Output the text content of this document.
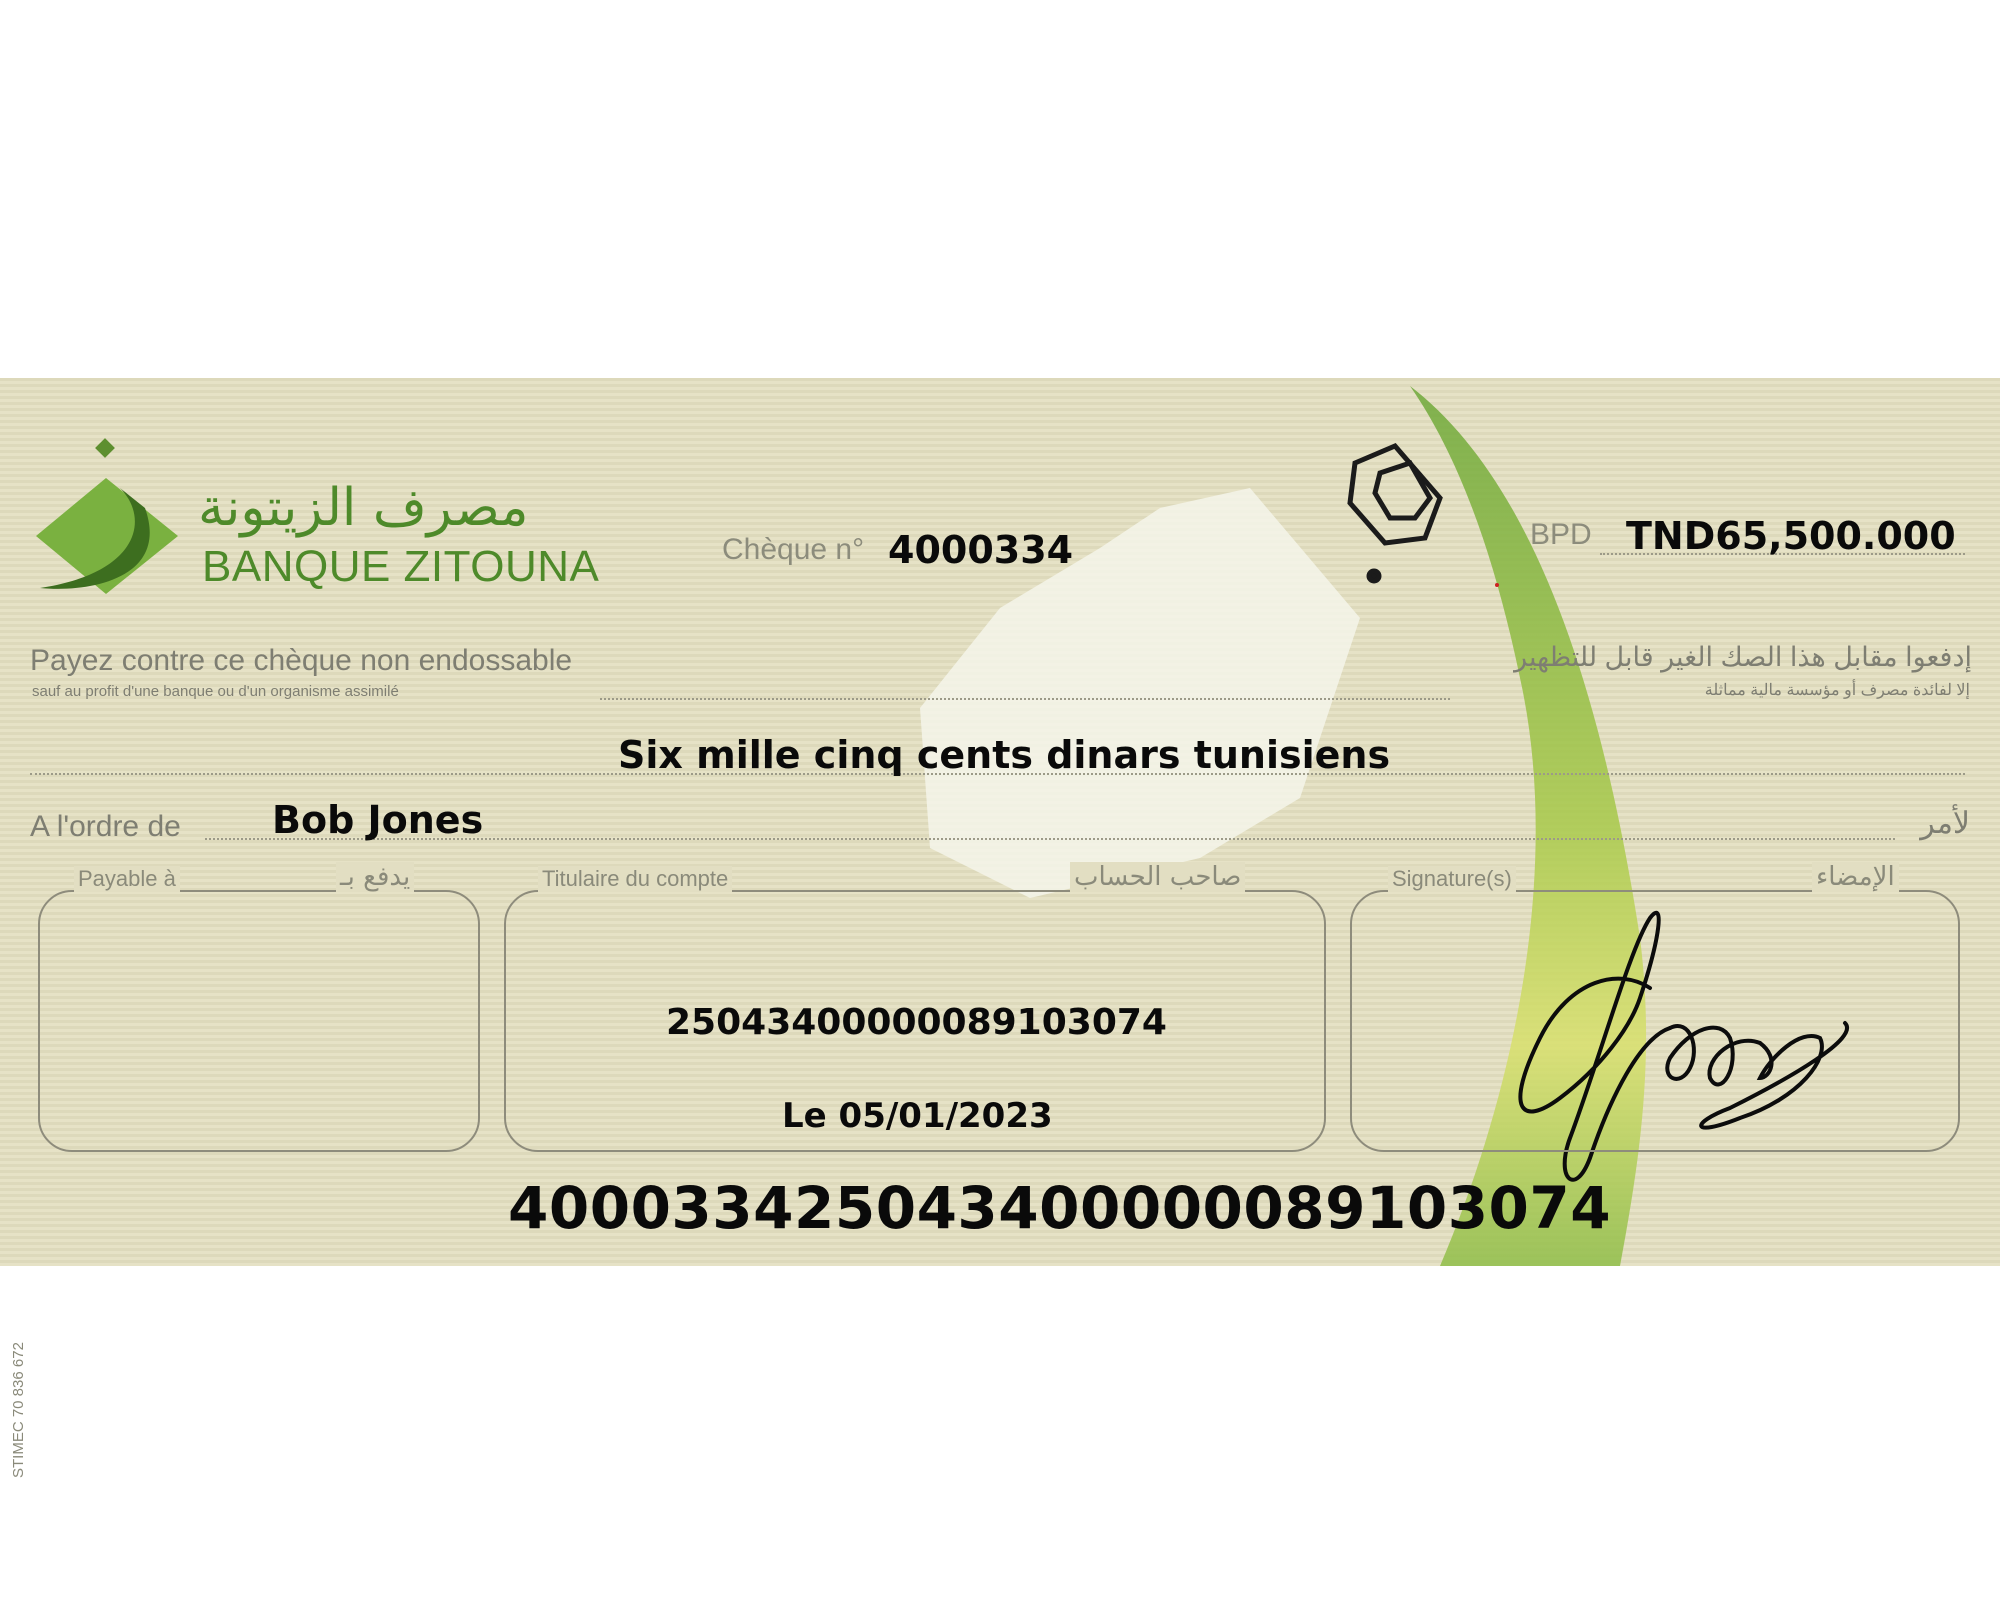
مصرف الزيتونة
BANQUE ZITOUNA	Chèque n° 4000334	BPD TND65,500.000
Payez contre ce chèque non endossable
sauf au profit d'une banque ou d'un organisme assimilé
إدفعوا مقابل هذا الصك الغير قابل للتظهير
إلا لفائدة مصرف أو مؤسسة مالية مماثلة
Six mille cinq cents dinars tunisiens
A l'ordre de	لأمر
Bob Jones
Payable à	يدفع بـ	Titulaire du compte	صاحب الحساب
25043400000089103074
Le 05/01/2023
Signature(s)	الإمضاء
STIMEC 70 836 672
400033425043400000089103074
